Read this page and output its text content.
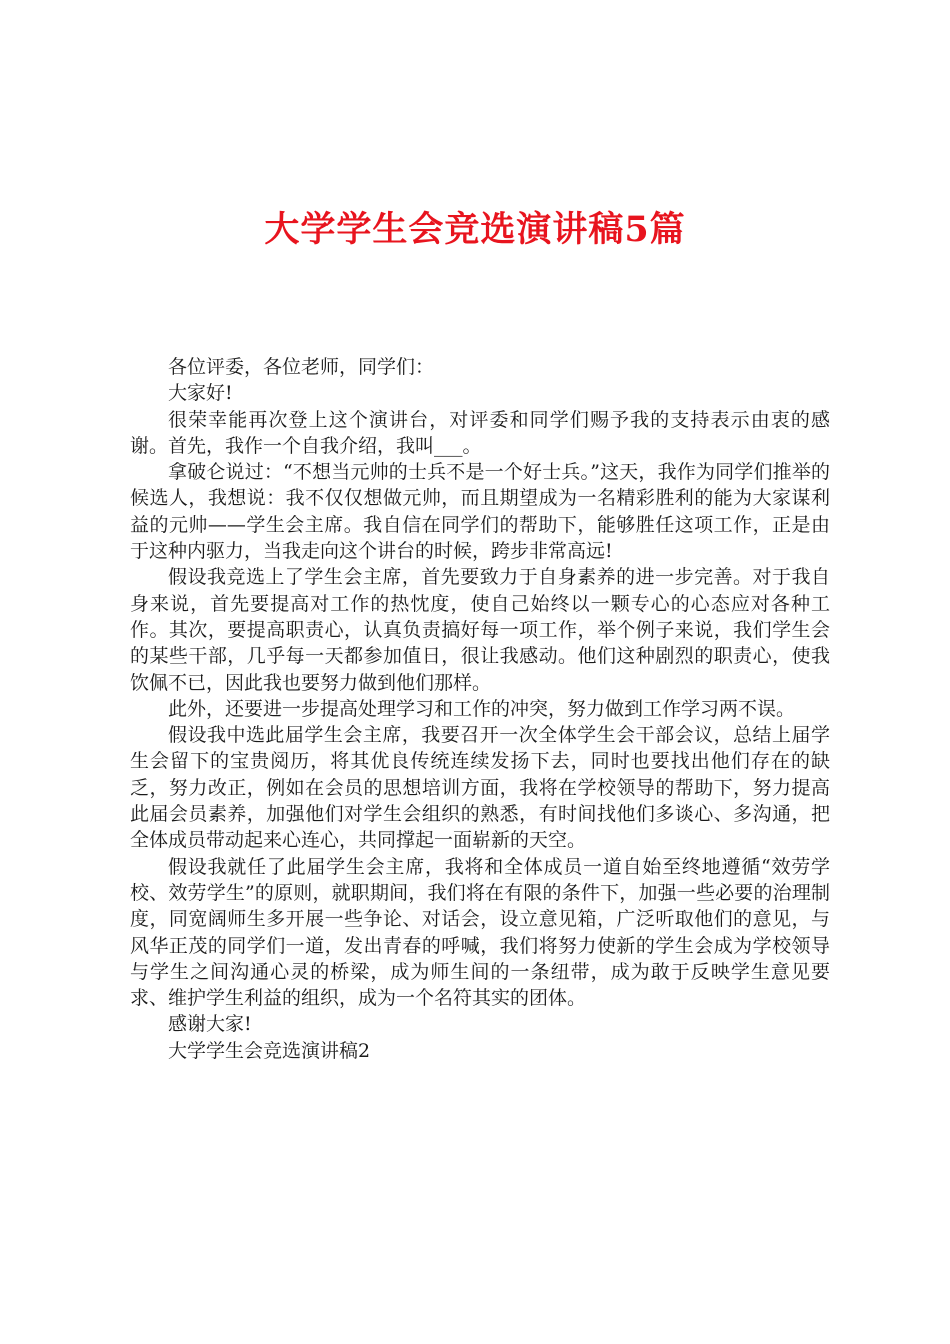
大学学生会竞选演讲稿5篇

各位评委，各位老师，同学们：

大家好!

很荣幸能再次登上这个演讲台，对评委和同学们赐予我的支持表示由衷的感谢。首先，我作一个自我介绍，我叫___。

拿破仑说过：“不想当元帅的士兵不是一个好士兵。”这天，我作为同学们推举的候选人，我想说：我不仅仅想做元帅，而且期望成为一名精彩胜利的能为大家谋利益的元帅——学生会主席。我自信在同学们的帮助下，能够胜任这项工作，正是由于这种内驱力，当我走向这个讲台的时候，跨步非常高远!

假设我竞选上了学生会主席，首先要致力于自身素养的进一步完善。对于我自身来说，首先要提高对工作的热忱度，使自己始终以一颗专心的心态应对各种工作。其次，要提高职责心，认真负责搞好每一项工作，举个例子来说，我们学生会的某些干部，几乎每一天都参加值日，很让我感动。他们这种剧烈的职责心，使我饮佩不已，因此我也要努力做到他们那样。

此外，还要进一步提高处理学习和工作的冲突，努力做到工作学习两不误。

假设我中选此届学生会主席，我要召开一次全体学生会干部会议，总结上届学生会留下的宝贵阅历，将其优良传统连续发扬下去，同时也要找出他们存在的缺乏，努力改正，例如在会员的思想培训方面，我将在学校领导的帮助下，努力提高此届会员素养，加强他们对学生会组织的熟悉，有时间找他们多谈心、多沟通，把全体成员带动起来心连心，共同撑起一面崭新的天空。

假设我就任了此届学生会主席，我将和全体成员一道自始至终地遵循“效劳学校、效劳学生”的原则，就职期间，我们将在有限的条件下，加强一些必要的治理制度，同宽阔师生多开展一些争论、对话会，设立意见箱，广泛听取他们的意见，与风华正茂的同学们一道，发出青春的呼喊，我们将努力使新的学生会成为学校领导与学生之间沟通心灵的桥梁，成为师生间的一条纽带，成为敢于反映学生意见要求、维护学生利益的组织，成为一个名符其实的团体。

感谢大家!

大学学生会竞选演讲稿2
